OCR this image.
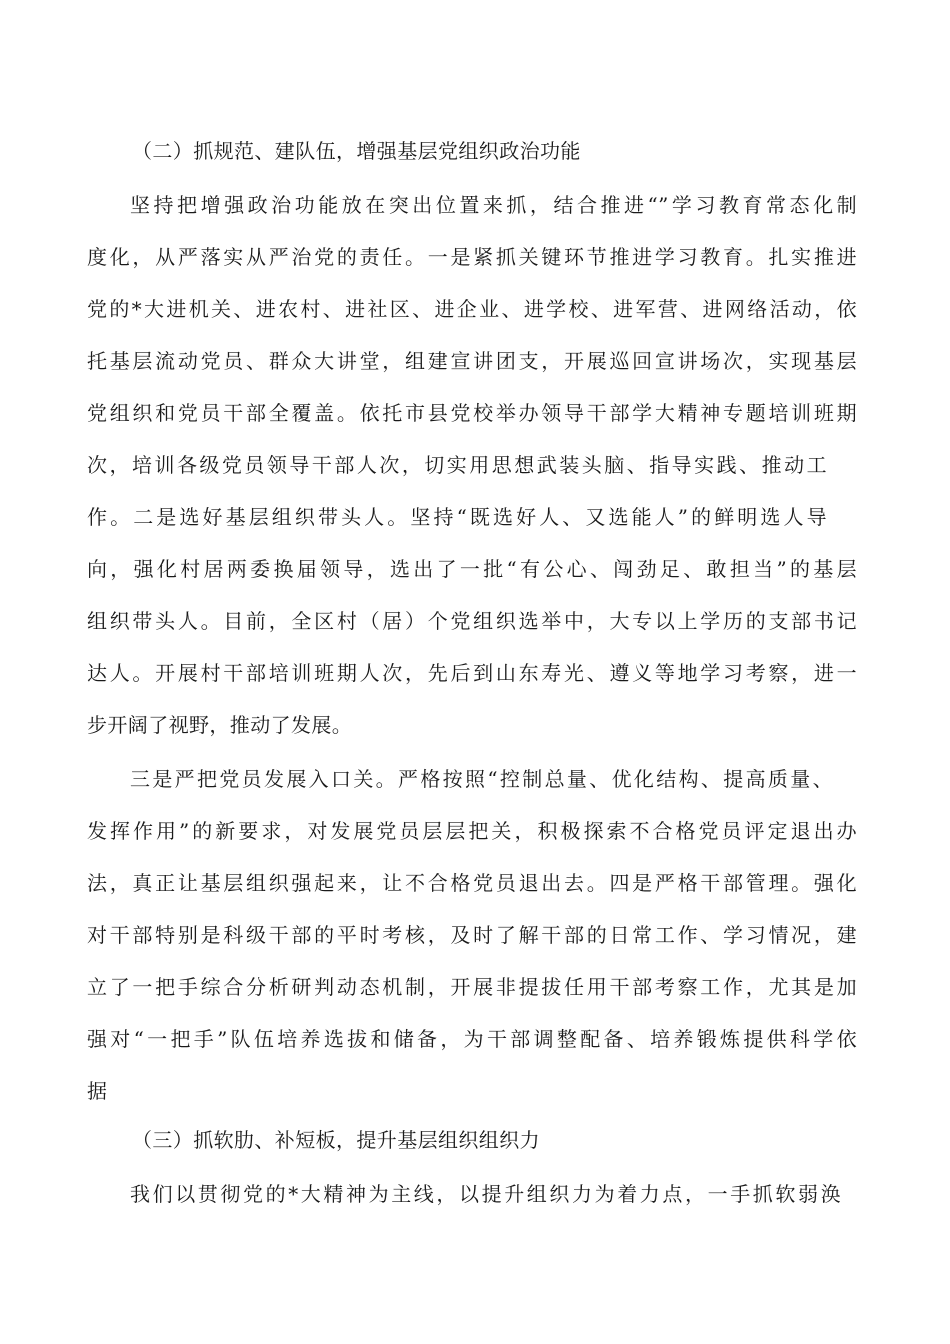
（二）抓规范、建队伍，增强基层党组织政治功能
坚持把增强政治功能放在突出位置来抓，结合推进“”学习教育常态化制
度化，从严落实从严治党的责任。一是紧抓关键环节推进学习教育。扎实推进
党的*大进机关、进农村、进社区、进企业、进学校、进军营、进网络活动，依
托基层流动党员、群众大讲堂，组建宣讲团支，开展巡回宣讲场次，实现基层
党组织和党员干部全覆盖。依托市县党校举办领导干部学大精神专题培训班期
次，培训各级党员领导干部人次，切实用思想武装头脑、指导实践、推动工
作。二是选好基层组织带头人。坚持“既选好人、又选能人”的鲜明选人导
向，强化村居两委换届领导，选出了一批“有公心、闯劲足、敢担当”的基层
组织带头人。目前，全区村（居）个党组织选举中，大专以上学历的支部书记
达人。开展村干部培训班期人次，先后到山东寿光、遵义等地学习考察，进一
步开阔了视野，推动了发展。
三是严把党员发展入口关。严格按照“控制总量、优化结构、提高质量、
发挥作用”的新要求，对发展党员层层把关，积极探索不合格党员评定退出办
法，真正让基层组织强起来，让不合格党员退出去。四是严格干部管理。强化
对干部特别是科级干部的平时考核，及时了解干部的日常工作、学习情况，建
立了一把手综合分析研判动态机制，开展非提拔任用干部考察工作，尤其是加
强对“一把手”队伍培养选拔和储备，为干部调整配备、培养锻炼提供科学依
据
（三）抓软肋、补短板，提升基层组织组织力
我们以贯彻党的*大精神为主线，以提升组织力为着力点，一手抓软弱涣
